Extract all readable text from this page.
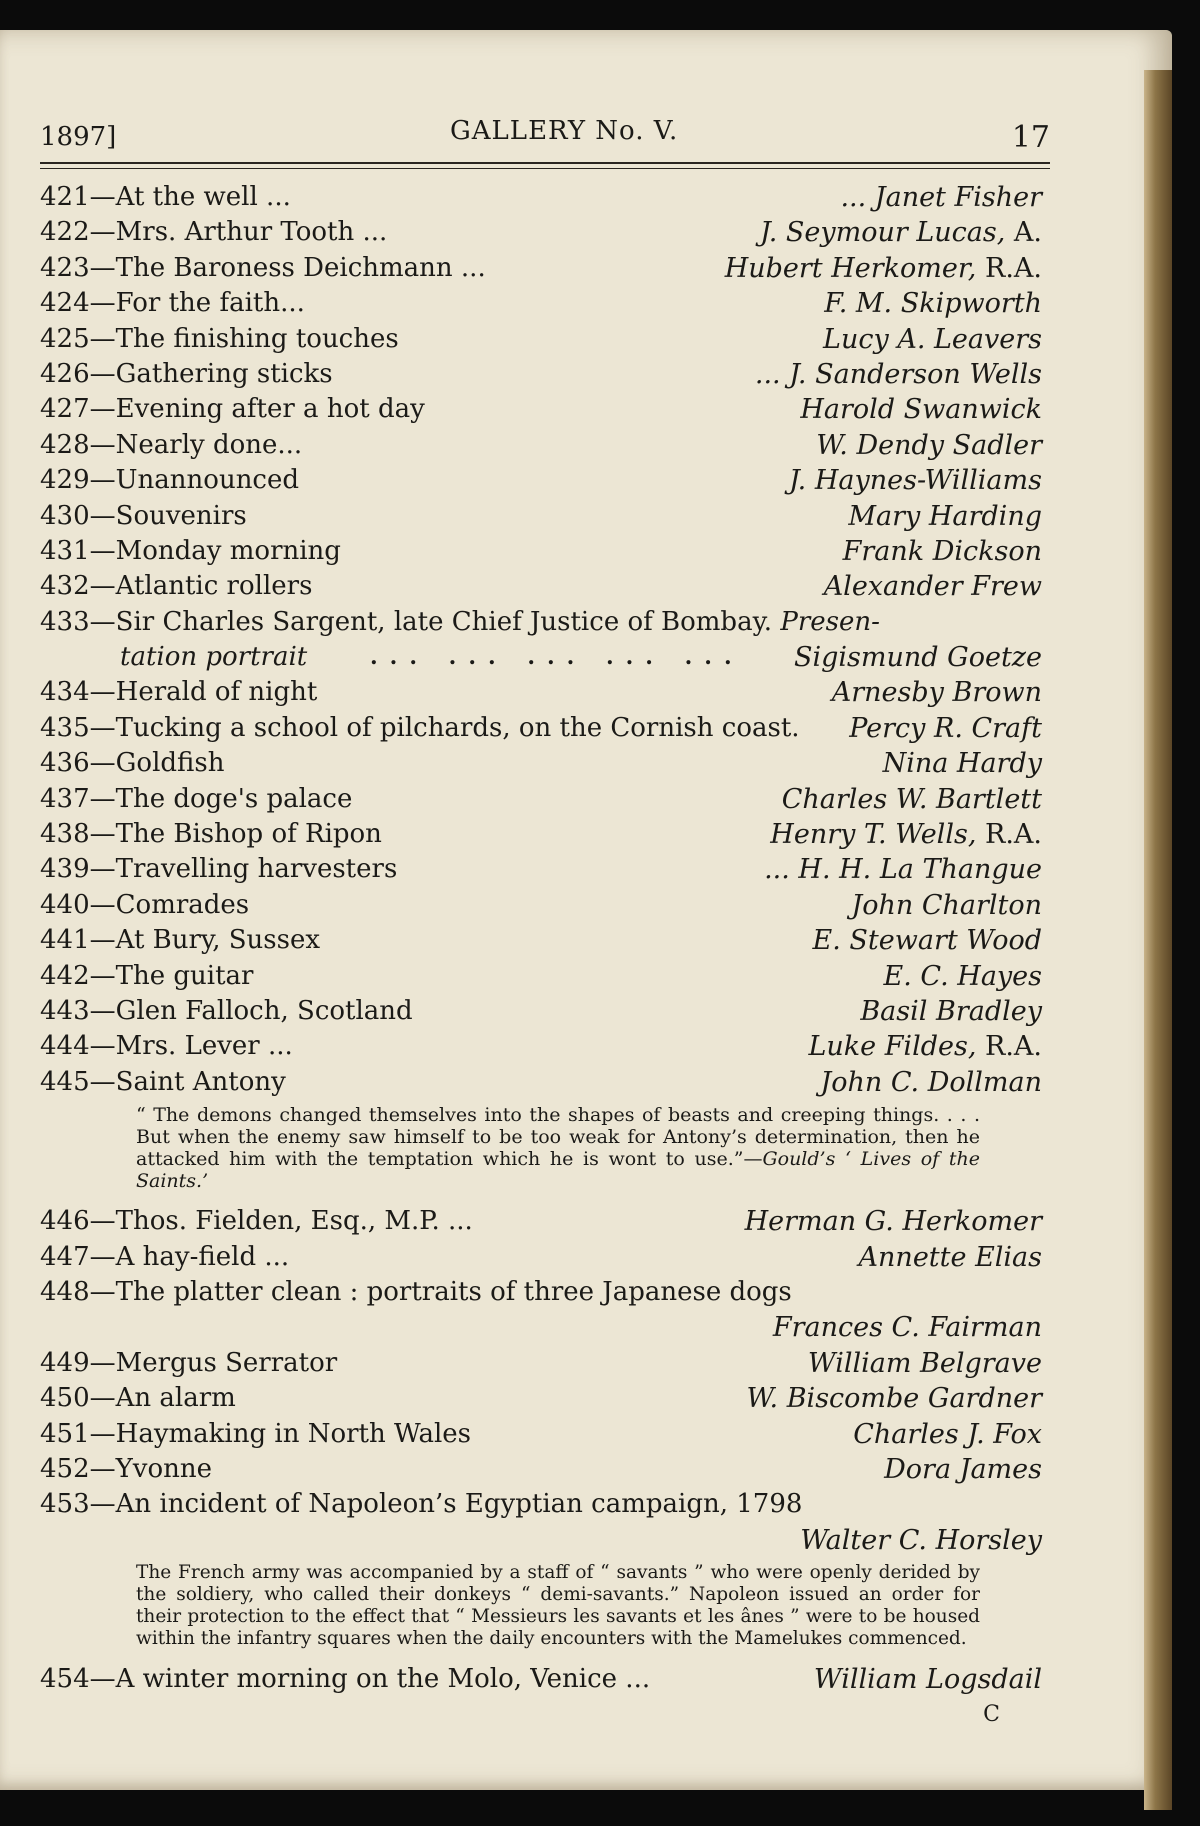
1897]	GALLERY No. V.	17
421—At the well ...	... Janet Fisher
422—Mrs. Arthur Tooth ...	J. Seymour Lucas, A.
423—The Baroness Deichmann ...	Hubert Herkomer, R.A.
424—For the faith...	F. M. Skipworth
425—The finishing touches	Lucy A. Leavers
426—Gathering sticks	... J. Sanderson Wells
427—Evening after a hot day	Harold Swanwick
428—Nearly done...	W. Dendy Sadler
429—Unannounced	J. Haynes-Williams
430—Souvenirs	Mary Harding
431—Monday morning	Frank Dickson
432—Atlantic rollers	Alexander Frew
433—Sir Charles Sargent, late Chief Justice of Bombay. Presen-
tation portrait	... ... ... ... ... Sigismund Goetze
434—Herald of night	Arnesby Brown
435—Tucking a school of pilchards, on the Cornish coast. Percy R. Craft
436—Goldfish	Nina Hardy
437—The doge's palace	Charles W. Bartlett
438—The Bishop of Ripon	Henry T. Wells, R.A.
439—Travelling harvesters	... H. H. La Thangue
440—Comrades	John Charlton
441—At Bury, Sussex	E. Stewart Wood
442—The guitar	E. C. Hayes
443—Glen Falloch, Scotland	Basil Bradley
444—Mrs. Lever ...	Luke Fildes, R.A.
445—Saint Antony	John C. Dollman
“ The demons changed themselves into the shapes of beasts and creeping things. . . . But when the enemy saw himself to be too weak for Antony’s determination, then he attacked him with the temptation which he is wont to use.”—Gould’s ‘ Lives of the Saints.’
446—Thos. Fielden, Esq., M.P. ...	Herman G. Herkomer
447—A hay-field ...	Annette Elias
448—The platter clean : portraits of three Japanese dogs
Frances C. Fairman
449—Mergus Serrator	William Belgrave
450—An alarm	W. Biscombe Gardner
451—Haymaking in North Wales	Charles J. Fox
452—Yvonne	Dora James
453—An incident of Napoleon’s Egyptian campaign, 1798
Walter C. Horsley
The French army was accompanied by a staff of “ savants ” who were openly derided by the soldiery, who called their donkeys “ demi-savants.” Napoleon issued an order for their protection to the effect that “ Messieurs les savants et les ânes ” were to be housed within the infantry squares when the daily encounters with the Mamelukes commenced.
454—A winter morning on the Molo, Venice ...	William Logsdail
C
